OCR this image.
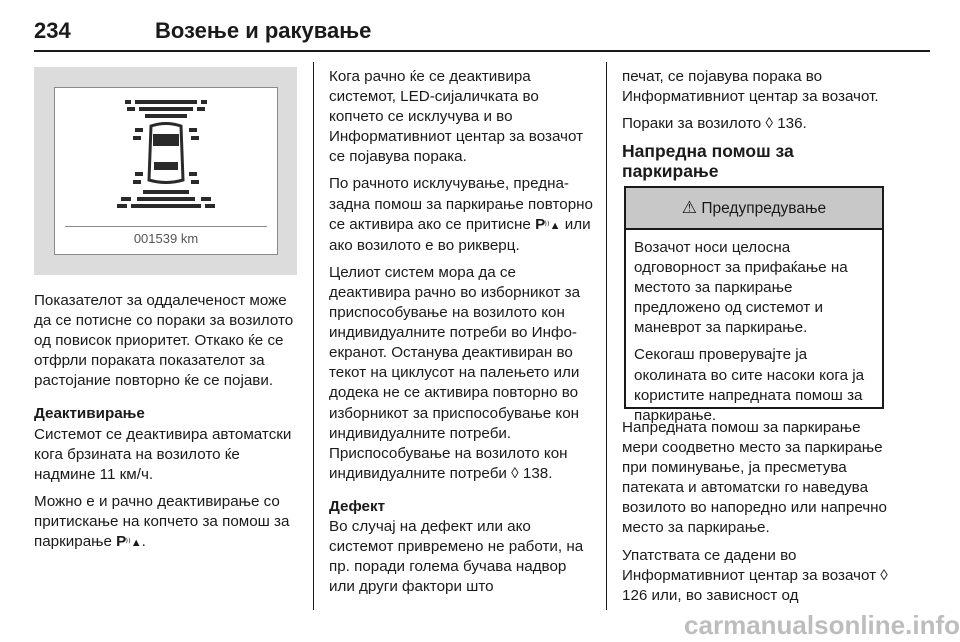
234	Возење и ракување
001539 km

Показателот за оддалеченост може да се потисне со пораки за возилото од повисок приоритет. Откако ќе се отфрли пораката показателот за растојание повторно ќе се појави.

Деактивирање

Системот се деактивира автоматски кога брзината на возилото ќе надмине 11 км/ч.

Можно е и рачно деактивирање со притискање на копчето за помош за паркирање P⁾⁾▲.

Кога рачно ќе се деактивира системот, LED-сијаличката во копчето се исклучува и во Информативниот центар за возачот се појавува порака.

По рачното исклучување, предна-задна помош за паркирање повторно се активира ако се притисне P⁾⁾▲ или ако возилото е во рикверц.

Целиот систем мора да се деактивира рачно во изборникот за приспособување на возилото кон индивидуалните потреби во Инфо-екранот. Останува деактивиран во текот на циклусот на палењето или додека не се активира повторно во изборникот за приспособување кон индивидуалните потреби. Приспособување на возилото кон индивидуалните потреби ◊ 138.

Дефект

Во случај на дефект или ако системот привремено не работи, на пр. поради голема бучава надвор или други фактори што

печат, се појавува порака во Информативниот центар за возачот.

Пораки за возилото ◊ 136.

Напредна помош за паркирање

⚠ Предупредување

Возачот носи целосна одговорност за прифаќање на местото за паркирање предложено од системот и маневрот за паркирање.

Секогаш проверувајте ја околината во сите насоки кога ја користите напредната помош за паркирање.

Напредната помош за паркирање мери соодветно место за паркирање при поминување, ја пресметува патеката и автоматски го наведува возилото во напоредно или напречно место за паркирање.

Упатствата се дадени во Информативниот центар за возачот ◊ 126 или, во зависност од

carmanualsonline.info
